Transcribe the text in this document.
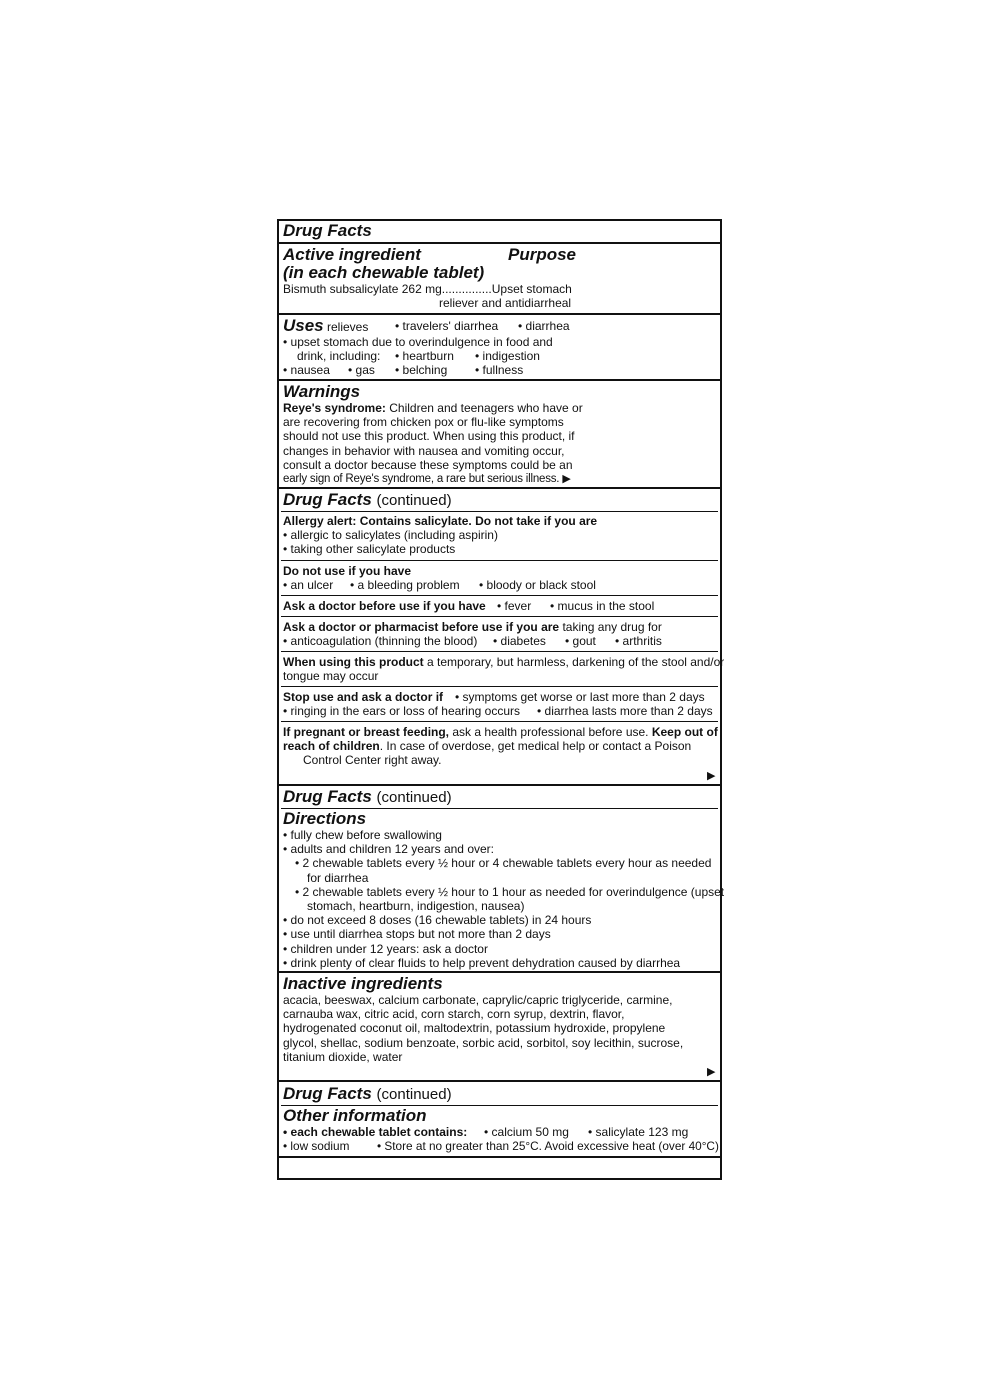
Drug Facts

Active ingredient	Purpose

(in each chewable tablet)

Bismuth subsalicylate 262 mg...............Upset stomach

reliever and antidiarrheal

Uses relieves • travelers' diarrhea • diarrhea

• upset stomach due to overindulgence in food and

drink, including: • heartburn • indigestion

• nausea • gas • belching • fullness

Warnings

Reye's syndrome: Children and teenagers who have or

are recovering from chicken pox or flu-like symptoms

should not use this product. When using this product, if

changes in behavior with nausea and vomiting occur,

consult a doctor because these symptoms could be an

early sign of Reye's syndrome, a rare but serious illness. ▶

Drug Facts (continued)

Allergy alert: Contains salicylate. Do not take if you are

• allergic to salicylates (including aspirin)

• taking other salicylate products

Do not use if you have

• an ulcer • a bleeding problem • bloody or black stool

Ask a doctor before use if you have • fever • mucus in the stool

Ask a doctor or pharmacist before use if you are taking any drug for

• anticoagulation (thinning the blood) • diabetes • gout • arthritis

When using this product a temporary, but harmless, darkening of the stool and/or

tongue may occur

Stop use and ask a doctor if • symptoms get worse or last more than 2 days

• ringing in the ears or loss of hearing occurs • diarrhea lasts more than 2 days

If pregnant or breast feeding, ask a health professional before use. Keep out of

reach of children. In case of overdose, get medical help or contact a Poison

Control Center right away.

▶

Drug Facts (continued)

Directions

• fully chew before swallowing

• adults and children 12 years and over:

• 2 chewable tablets every ½ hour or 4 chewable tablets every hour as needed

for diarrhea

• 2 chewable tablets every ½ hour to 1 hour as needed for overindulgence (upset

stomach, heartburn, indigestion, nausea)

• do not exceed 8 doses (16 chewable tablets) in 24 hours

• use until diarrhea stops but not more than 2 days

• children under 12 years: ask a doctor

• drink plenty of clear fluids to help prevent dehydration caused by diarrhea

Inactive ingredients

acacia, beeswax, calcium carbonate, caprylic/capric triglyceride, carmine,

carnauba wax, citric acid, corn starch, corn syrup, dextrin, flavor,

hydrogenated coconut oil, maltodextrin, potassium hydroxide, propylene

glycol, shellac, sodium benzoate, sorbic acid, sorbitol, soy lecithin, sucrose,

titanium dioxide, water

▶

Drug Facts (continued)

Other information

• each chewable tablet contains: • calcium 50 mg • salicylate 123 mg

• low sodium • Store at no greater than 25°C. Avoid excessive heat (over 40°C).
